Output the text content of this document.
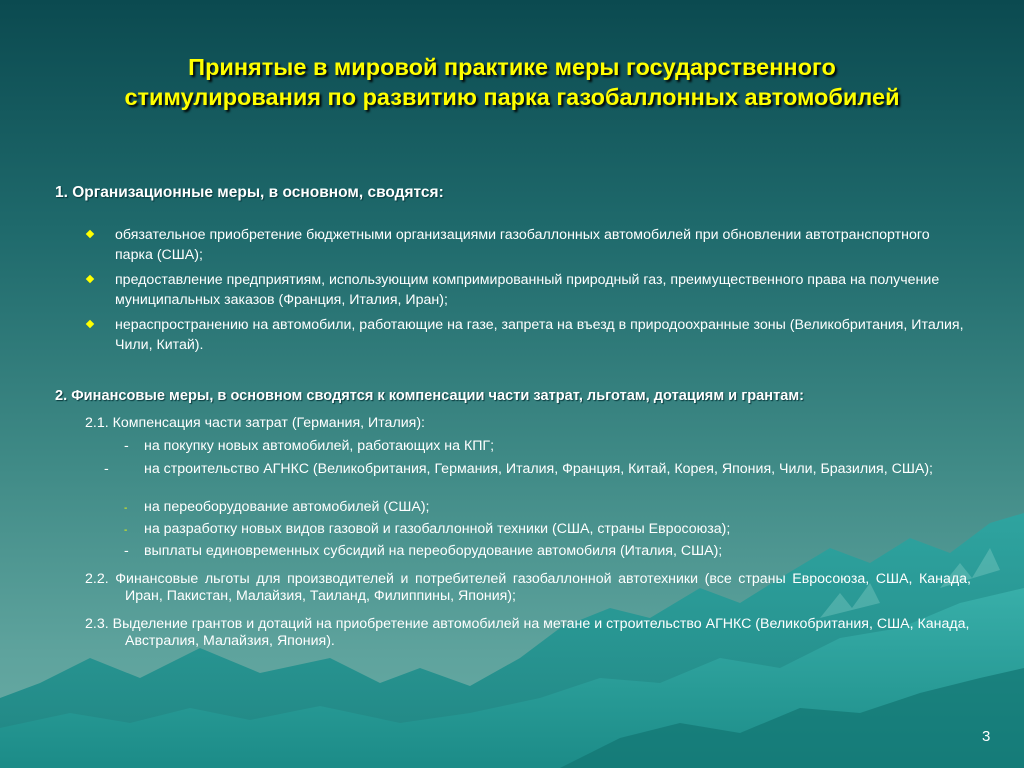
Принятые в мировой практике меры государственного
стимулирования по развитию парка газобаллонных автомобилей
1. Организационные меры, в основном, сводятся:
обязательное приобретение бюджетными организациями газобаллонных автомобилей при обновлении автотранспортного парка (США);
предоставление предприятиям, использующим компримированный природный газ, преимущественного права на получение муниципальных заказов (Франция, Италия, Иран);
нераспространению на автомобили, работающие на газе, запрета на въезд в природоохранные зоны (Великобритания, Италия, Чили, Китай).
2. Финансовые меры, в основном сводятся к компенсации части затрат, льготам, дотациям и грантам:
2.1. Компенсация части затрат (Германия, Италия):
- на покупку новых автомобилей, работающих на КПГ;
- на строительство АГНКС (Великобритания, Германия, Италия, Франция, Китай, Корея, Япония, Чили, Бразилия, США);
- на переоборудование автомобилей (США);
- на разработку новых видов газовой и газобаллонной техники (США, страны Евросоюза);
- выплаты единовременных субсидий на переоборудование автомобиля (Италия, США);
2.2. Финансовые льготы для производителей и потребителей газобаллонной автотехники (все страны Евросоюза, США, Канада, Иран, Пакистан, Малайзия, Таиланд, Филиппины, Япония);
2.3. Выделение грантов и дотаций на приобретение автомобилей на метане и строительство АГНКС (Великобритания, США, Канада, Австралия, Малайзия, Япония).
3
